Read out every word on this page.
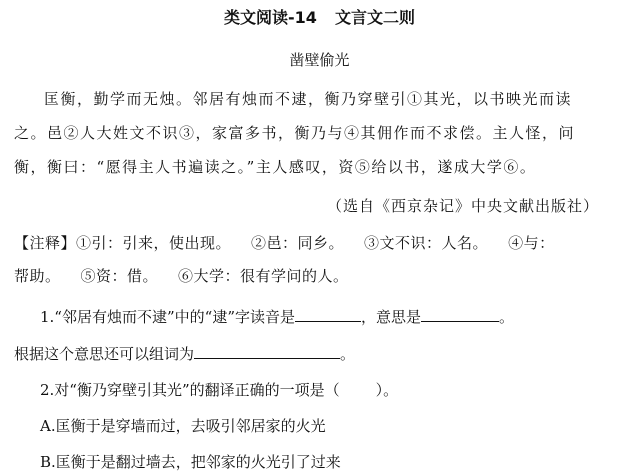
类文阅读-14 文言文二则
凿壁偷光
匡衡，勤学而无烛。邻居有烛而不逮，衡乃穿壁引①其光，以书映光而读
之。邑②人大姓文不识③，家富多书，衡乃与④其佣作而不求偿。主人怪，问
衡，衡曰：“愿得主人书遍读之。”主人感叹，资⑤给以书，遂成大学⑥。
（选自《西京杂记》中央文献出版社）
【注释】①引：引来，使出现。 ②邑：同乡。 ③文不识：人名。 ④与：
帮助。 ⑤资：借。 ⑥大学：很有学问的人。
1.“邻居有烛而不逮”中的“逮”字读音是	，意思是	。
根据这个意思还可以组词为	。
2.对“衡乃穿壁引其光”的翻译正确的一项是（ ）。
A.匡衡于是穿墙而过，去吸引邻居家的火光
B.匡衡于是翻过墙去，把邻家的火光引了过来
